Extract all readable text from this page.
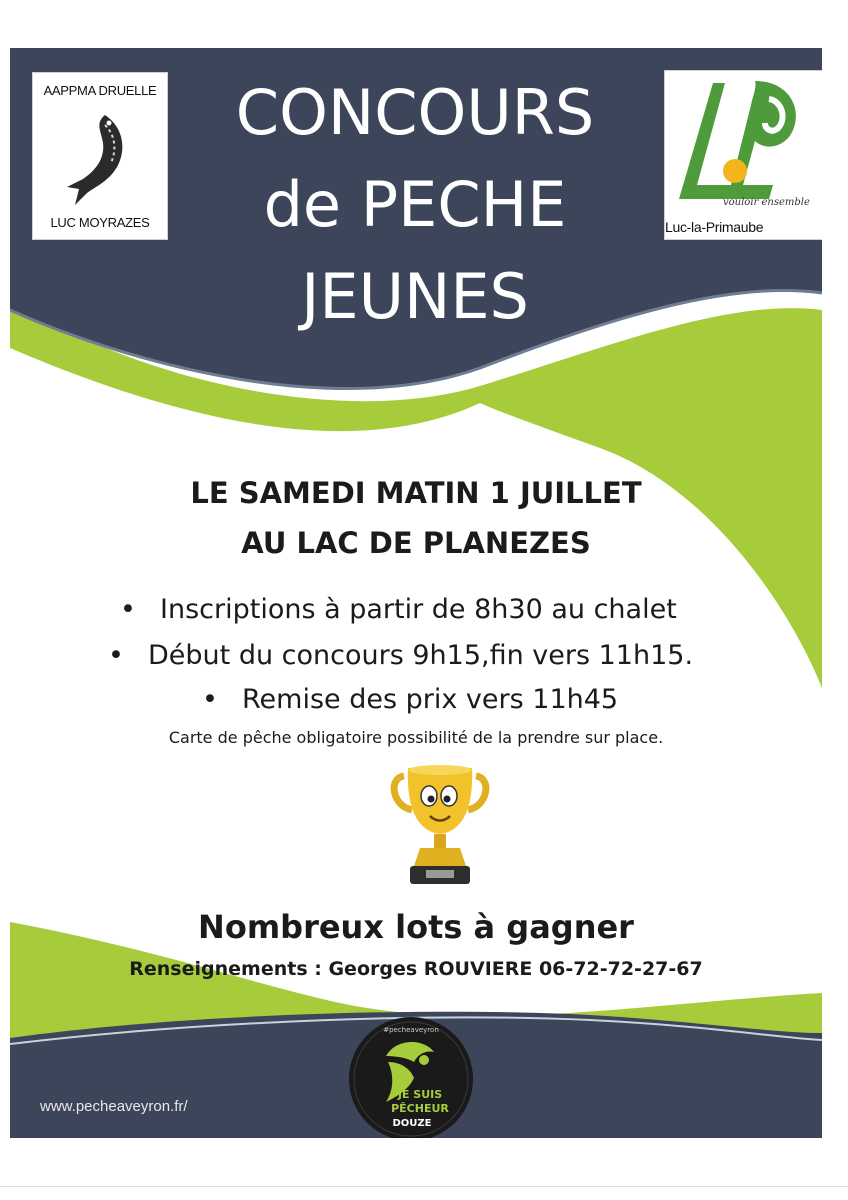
AAPPMA DRUELLE
LUC MOYRAZES
CONCOURS
de PECHE
JEUNES
vouloir ensemble
Luc-la-Primaube
LE SAMEDI MATIN 1 JUILLET
AU LAC DE PLANEZES
• Inscriptions à partir de 8h30 au chalet
• Début du concours 9h15,fin vers 11h15.
• Remise des prix vers 11h45
Carte de pêche obligatoire possibilité de la prendre sur place.
Nombreux lots à gagner
Renseignements : Georges ROUVIERE 06-72-72-27-67
#pecheaveyron
JE SUIS
PÊCHEUR
DOUZE
www.pecheaveyron.fr/
